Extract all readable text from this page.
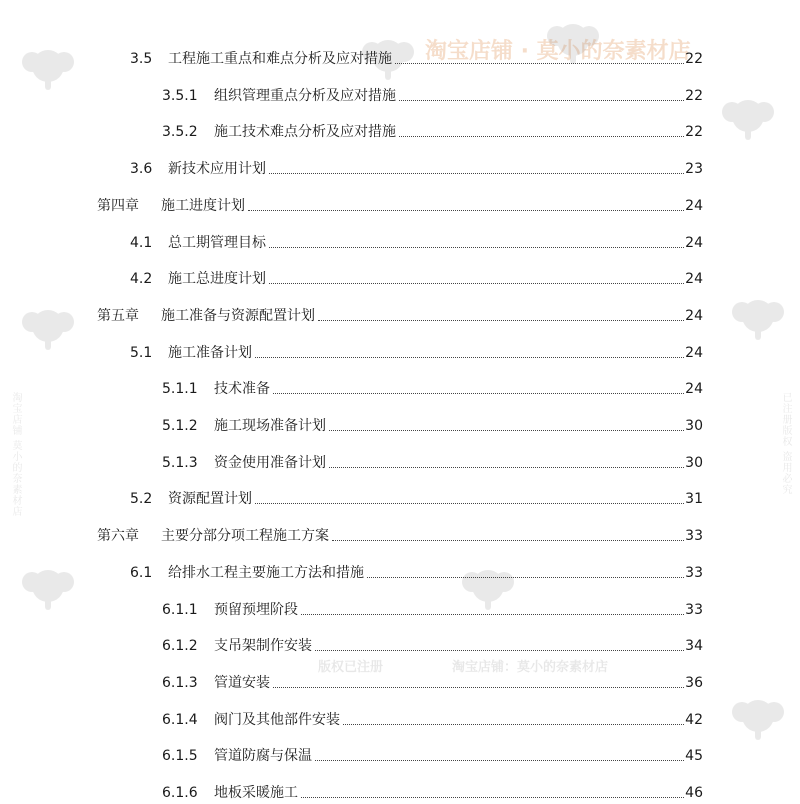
淘宝店铺 · 莫小的奈素材店
版权已注册	淘宝店铺：莫小的奈素材店
淘宝店铺 莫小的奈素材店	已注册版权 盗用必究
3.5	工程施工重点和难点分析及应对措施	22
3.5.1	组织管理重点分析及应对措施	22
3.5.2	施工技术难点分析及应对措施	22
3.6	新技术应用计划	23
第四章	施工进度计划	24
4.1	总工期管理目标	24
4.2	施工总进度计划	24
第五章	施工准备与资源配置计划	24
5.1	施工准备计划	24
5.1.1	技术准备	24
5.1.2	施工现场准备计划	30
5.1.3	资金使用准备计划	30
5.2	资源配置计划	31
第六章	主要分部分项工程施工方案	33
6.1	给排水工程主要施工方法和措施	33
6.1.1	预留预埋阶段	33
6.1.2	支吊架制作安装	34
6.1.3	管道安装	36
6.1.4	阀门及其他部件安装	42
6.1.5	管道防腐与保温	45
6.1.6	地板采暖施工	46
